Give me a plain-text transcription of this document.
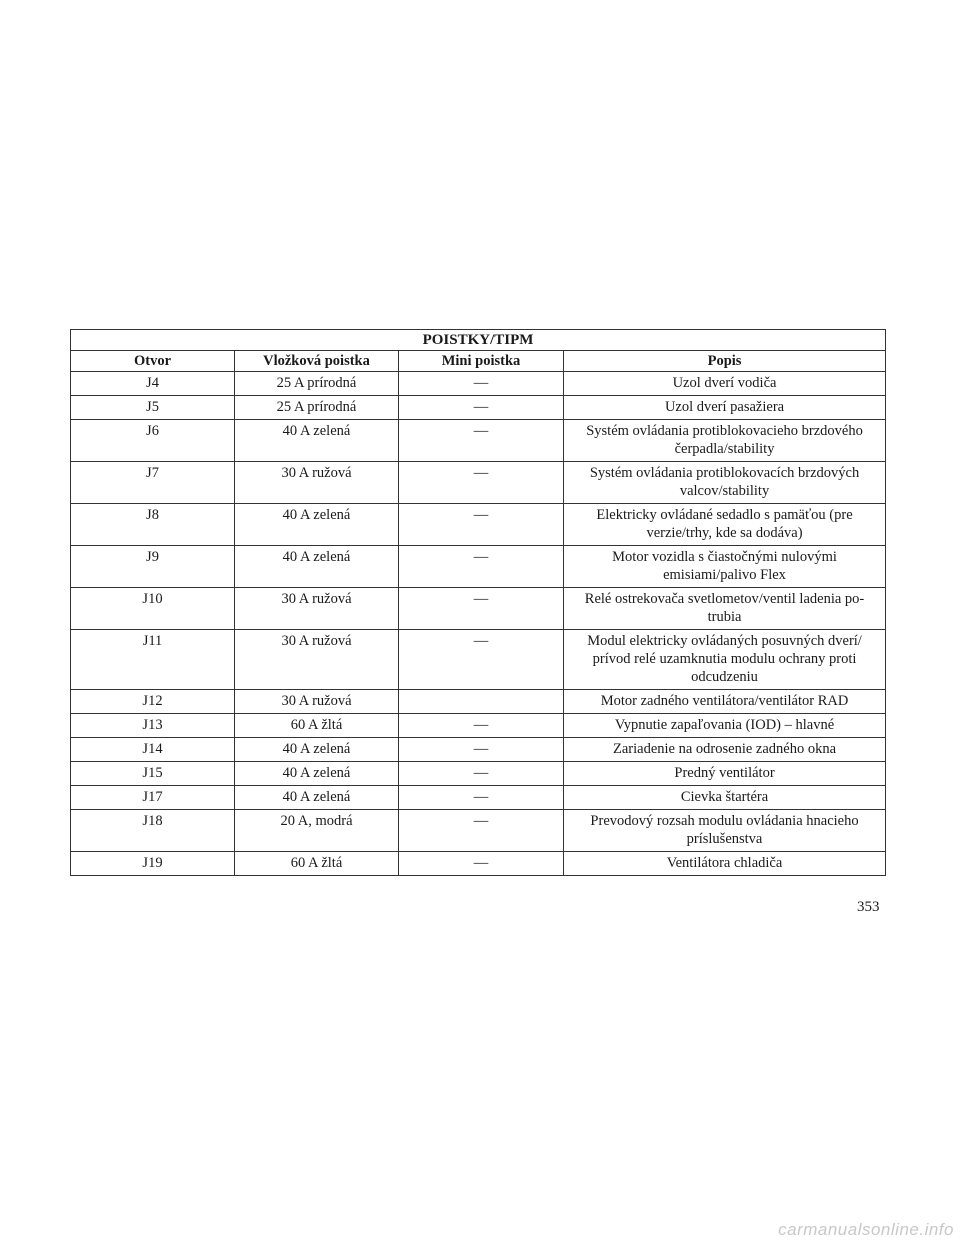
POISTKY/TIPM			
Otvor	Vložková poistka	Mini poistka	Popis
J4	25 A prírodná	—	Uzol dverí vodiča
J5	25 A prírodná	—	Uzol dverí pasažiera
J6	40 A zelená	—	Systém ovládania protiblokovacieho brzdového čerpadla/stability
J7	30 A ružová	—	Systém ovládania protiblokovacích brzdových valcov/stability
J8	40 A zelená	—	Elektricky ovládané sedadlo s pamäťou (pre verzie/trhy, kde sa dodáva)
J9	40 A zelená	—	Motor vozidla s čiastočnými nulovými emisiami/palivo Flex
J10	30 A ružová	—	Relé ostrekovača svetlometov/ventil ladenia po-trubia
J11	30 A ružová	—	Modul elektricky ovládaných posuvných dverí/ prívod relé uzamknutia modulu ochrany proti odcudzeniu
J12	30 A ružová		Motor zadného ventilátora/ventilátor RAD
J13	60 A žltá	—	Vypnutie zapaľovania (IOD) – hlavné
J14	40 A zelená	—	Zariadenie na odrosenie zadného okna
J15	40 A zelená	—	Predný ventilátor
J17	40 A zelená	—	Cievka štartéra
J18	20 A, modrá	—	Prevodový rozsah modulu ovládania hnacieho príslušenstva
J19	60 A žltá	—	Ventilátora chladiča
353
carmanualsonline.info
